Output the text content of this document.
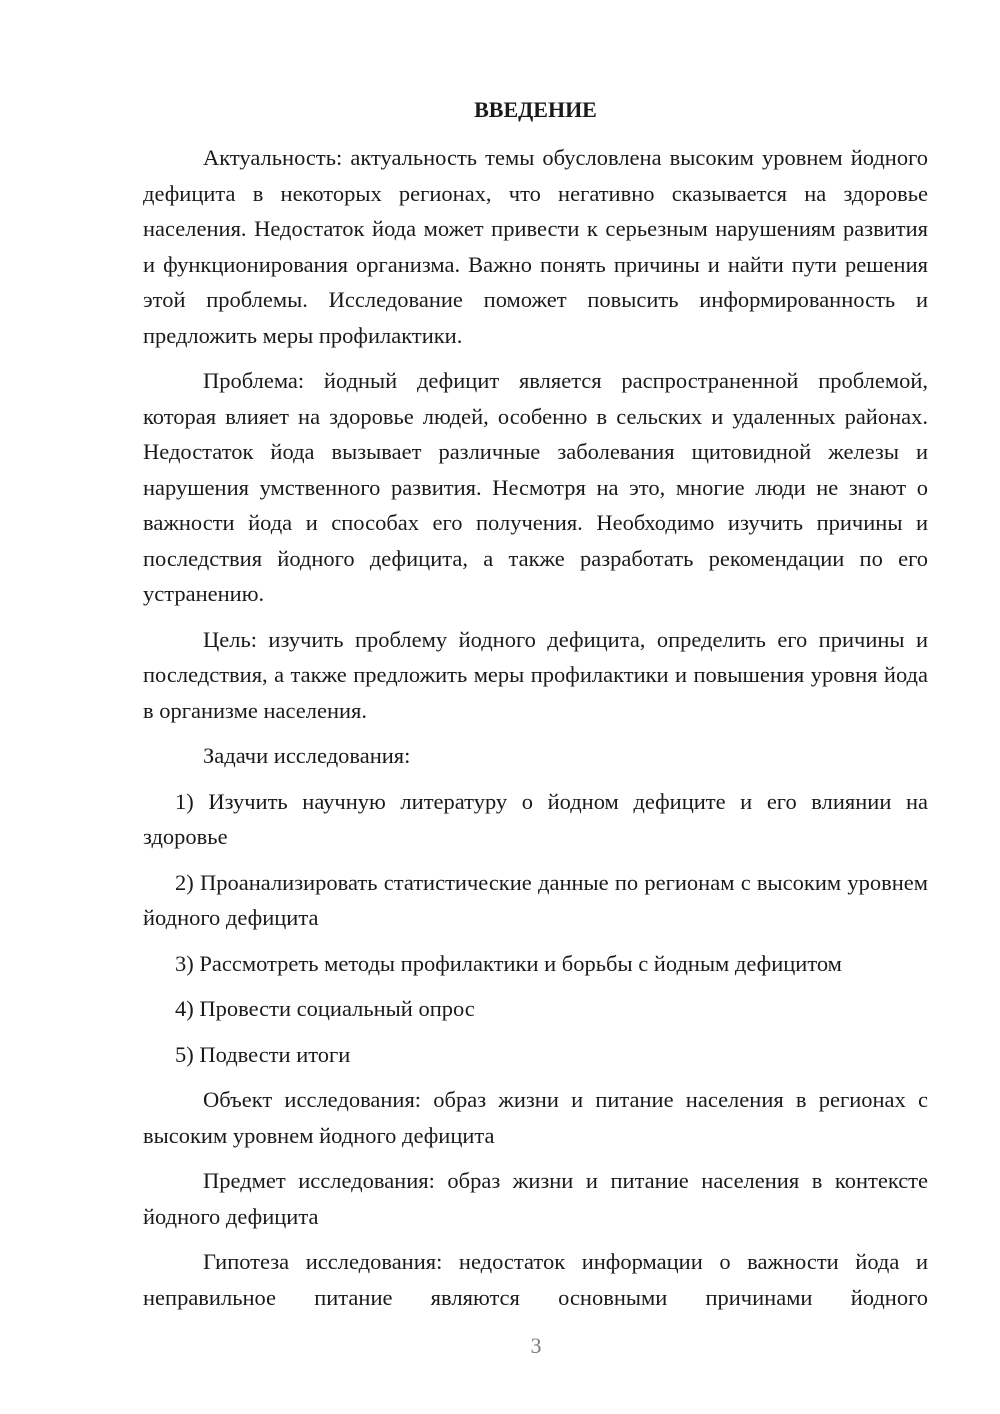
ВВЕДЕНИЕ

Актуальность: актуальность темы обусловлена высоким уровнем йодного дефицита в некоторых регионах, что негативно сказывается на здоровье населения. Недостаток йода может привести к серьезным нарушениям развития и функционирования организма. Важно понять причины и найти пути решения этой проблемы. Исследование поможет повысить информированность и предложить меры профилактики.

Проблема: йодный дефицит является распространенной проблемой, которая влияет на здоровье людей, особенно в сельских и удаленных районах. Недостаток йода вызывает различные заболевания щитовидной железы и нарушения умственного развития. Несмотря на это, многие люди не знают о важности йода и способах его получения. Необходимо изучить причины и последствия йодного дефицита, а также разработать рекомендации по его устранению.

Цель: изучить проблему йодного дефицита, определить его причины и последствия, а также предложить меры профилактики и повышения уровня йода в организме населения.

Задачи исследования:

1) Изучить научную литературу о йодном дефиците и его влиянии на здоровье

2) Проанализировать статистические данные по регионам с высоким уровнем йодного дефицита

3) Рассмотреть методы профилактики и борьбы с йодным дефицитом

4) Провести социальный опрос

5) Подвести итоги

Объект исследования: образ жизни и питание населения в регионах с высоким уровнем йодного дефицита

Предмет исследования: образ жизни и питание населения в контексте йодного дефицита

Гипотеза исследования: недостаток информации о важности йода и неправильное питание являются основными причинами йодного

3
